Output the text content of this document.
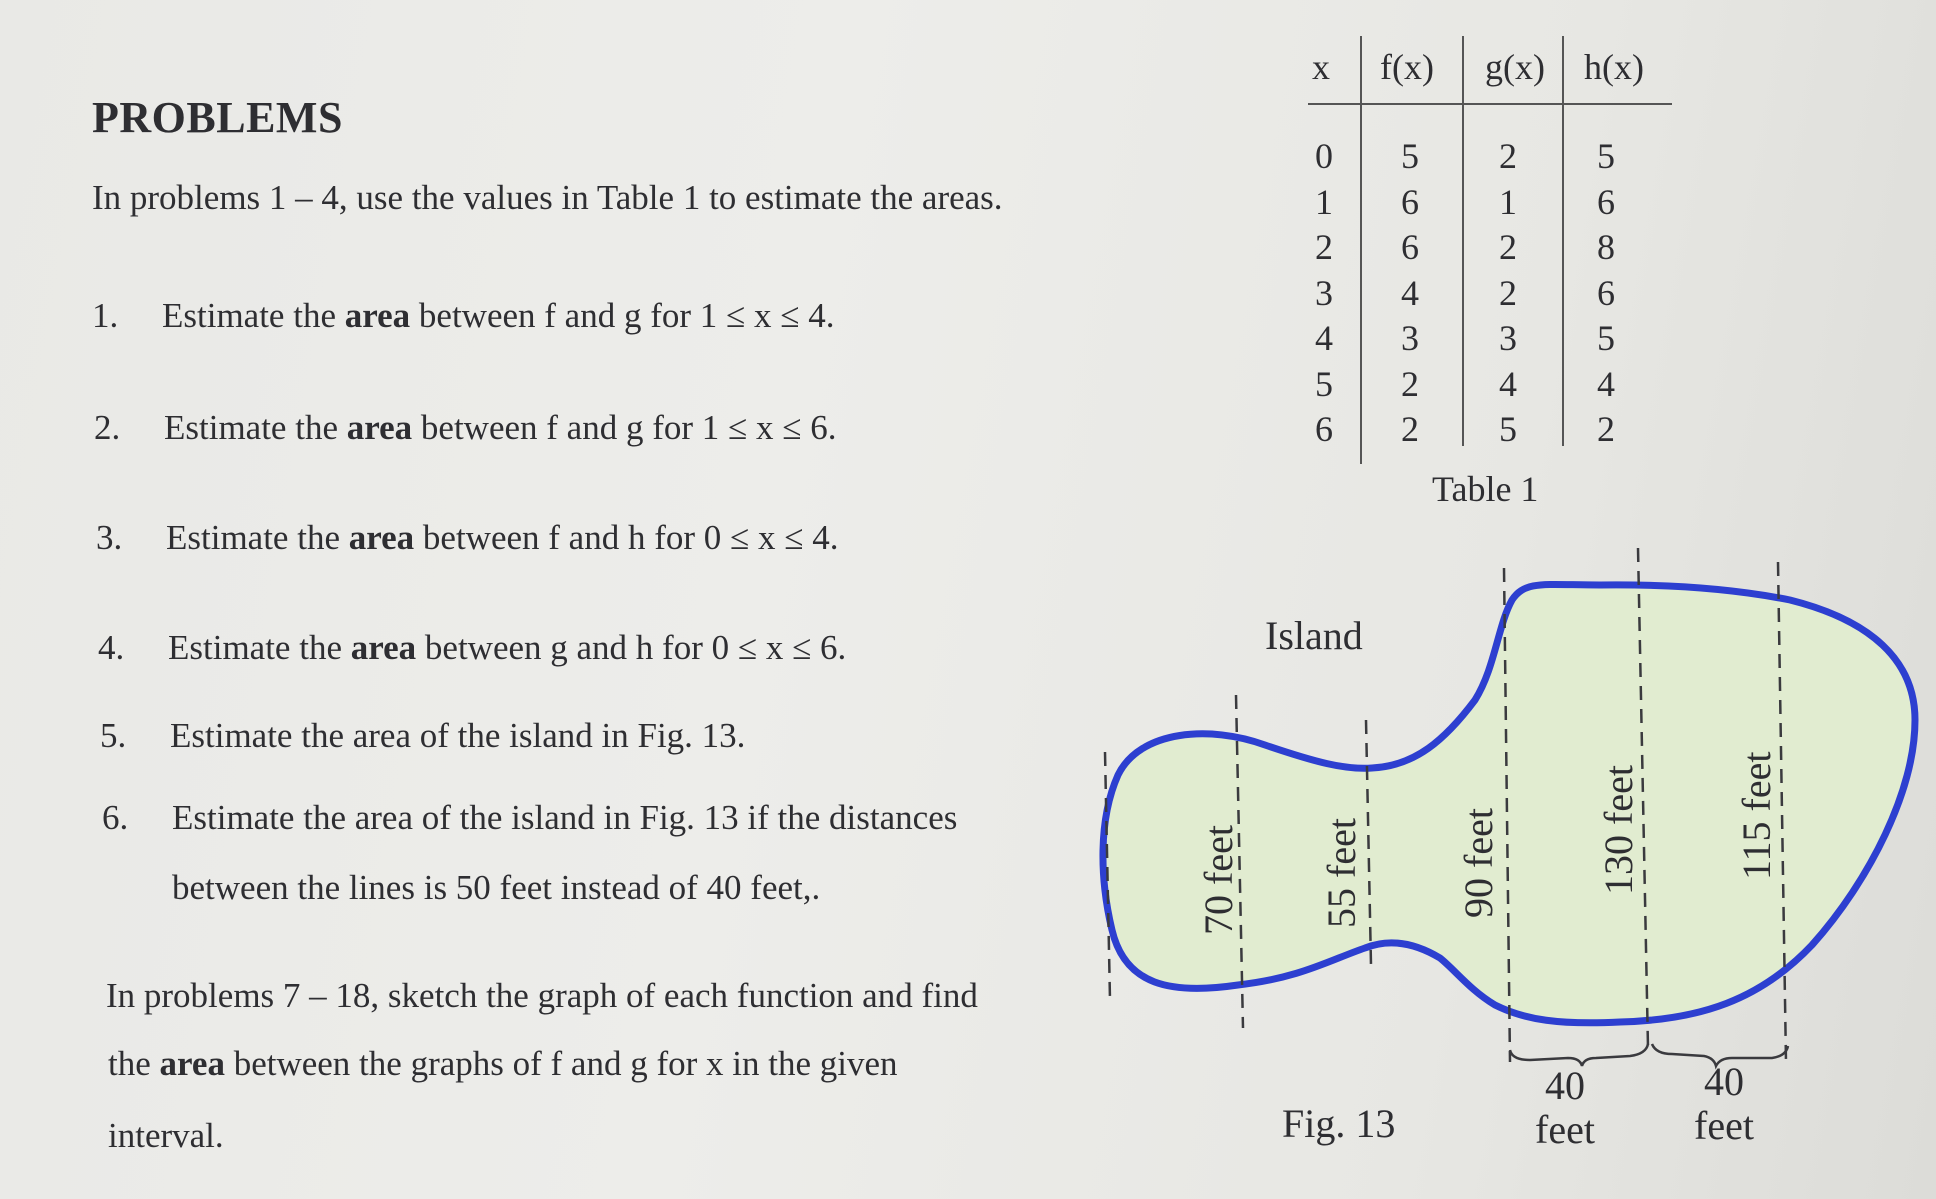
PROBLEMS
In problems 1 – 4, use the values in Table 1 to estimate the areas.
1. Estimate the area between f and g for 1 ≤ x ≤ 4.
2. Estimate the area between f and g for 1 ≤ x ≤ 6.
3. Estimate the area between f and h for 0 ≤ x ≤ 4.
4. Estimate the area between g and h for 0 ≤ x ≤ 6.
5. Estimate the area of the island in Fig. 13.
6. Estimate the area of the island in Fig. 13 if the distances
between the lines is 50 feet instead of 40 feet,.
In problems 7 – 18, sketch the graph of each function and find
the area between the graphs of f and g for x in the given
interval.
x f(x) g(x) h(x)
0
1
2
3
4
5
6
5
6
6
4
3
2
2
2
1
2
2
3
4
5
5
6
8
6
5
4
2
Table 1
70 feet 55 feet 90 feet 130 feet 115 feet
Island
Fig. 13
40
feet
40
feet
